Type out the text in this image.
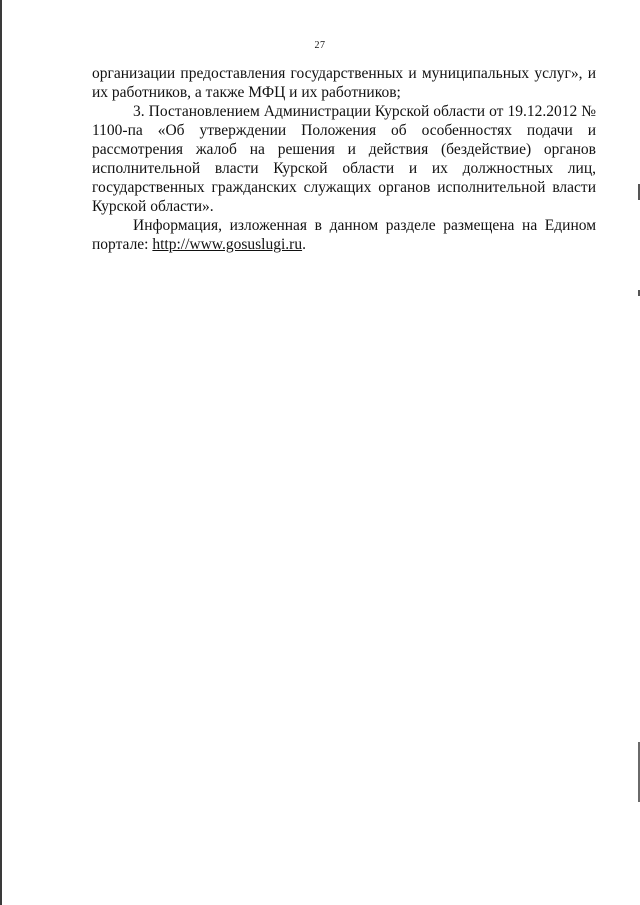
27

организации предоставления государственных и муниципальных услуг», и их работников, а также МФЦ и их работников;

3. Постановлением Администрации Курской области от 19.12.2012 № 1100-па «Об утверждении Положения об особенностях подачи и рассмотрения жалоб на решения и действия (бездействие) органов исполнительной власти Курской области и их должностных лиц, государственных гражданских служащих органов исполнительной власти Курской области».

Информация, изложенная в данном разделе размещена на Едином портале: http://www.gosuslugi.ru.
